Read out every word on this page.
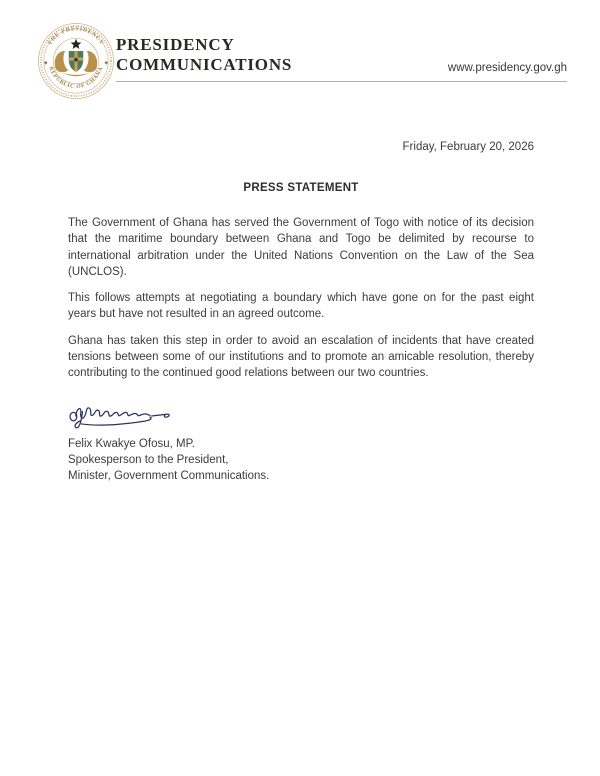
THE PRESIDENCY
REPUBLIC OF GHANA
PRESIDENCY
COMMUNICATIONS	www.presidency.gov.gh
Friday, February 20, 2026
PRESS STATEMENT

The Government of Ghana has served the Government of Togo with notice of its decision that the maritime boundary between Ghana and Togo be delimited by recourse to international arbitration under the United Nations Convention on the Law of the Sea (UNCLOS).

This follows attempts at negotiating a boundary which have gone on for the past eight years but have not resulted in an agreed outcome.

Ghana has taken this step in order to avoid an escalation of incidents that have created tensions between some of our institutions and to promote an amicable resolution, thereby contributing to the continued good relations between our two countries.

Felix Kwakye Ofosu, MP.
Spokesperson to the President,
Minister, Government Communications.
